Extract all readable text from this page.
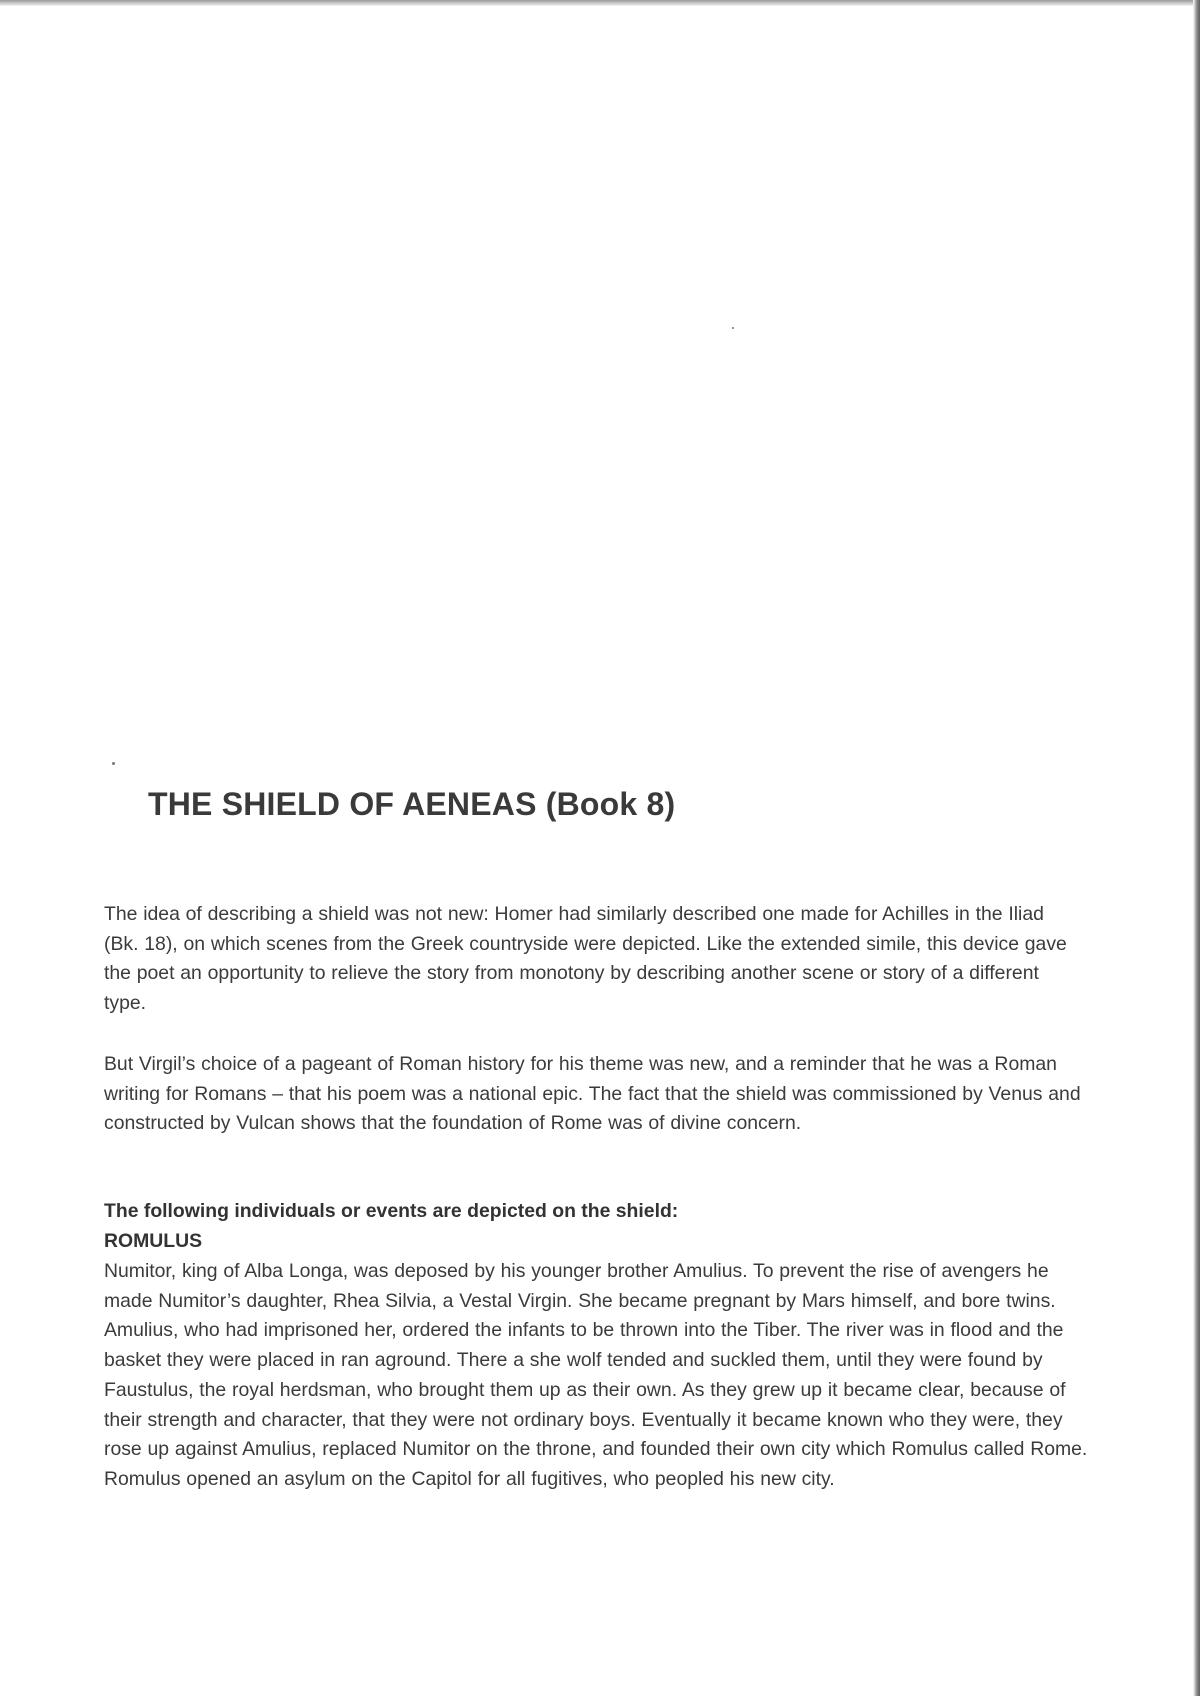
THE SHIELD OF AENEAS (Book 8)

The idea of describing a shield was not new: Homer had similarly described one made for Achilles in the Iliad (Bk. 18), on which scenes from the Greek countryside were depicted. Like the extended simile, this device gave the poet an opportunity to relieve the story from monotony by describing another scene or story of a different type.

But Virgil’s choice of a pageant of Roman history for his theme was new, and a reminder that he was a Roman writing for Romans – that his poem was a national epic. The fact that the shield was commissioned by Venus and constructed by Vulcan shows that the foundation of Rome was of divine concern.

The following individuals or events are depicted on the shield:

ROMULUS

Numitor, king of Alba Longa, was deposed by his younger brother Amulius. To prevent the rise of avengers he made Numitor’s daughter, Rhea Silvia, a Vestal Virgin. She became pregnant by Mars himself, and bore twins. Amulius, who had imprisoned her, ordered the infants to be thrown into the Tiber. The river was in flood and the basket they were placed in ran aground. There a she wolf tended and suckled them, until they were found by Faustulus, the royal herdsman, who brought them up as their own. As they grew up it became clear, because of their strength and character, that they were not ordinary boys. Eventually it became known who they were, they rose up against Amulius, replaced Numitor on the throne, and founded their own city which Romulus called Rome. Romulus opened an asylum on the Capitol for all fugitives, who peopled his new city.
